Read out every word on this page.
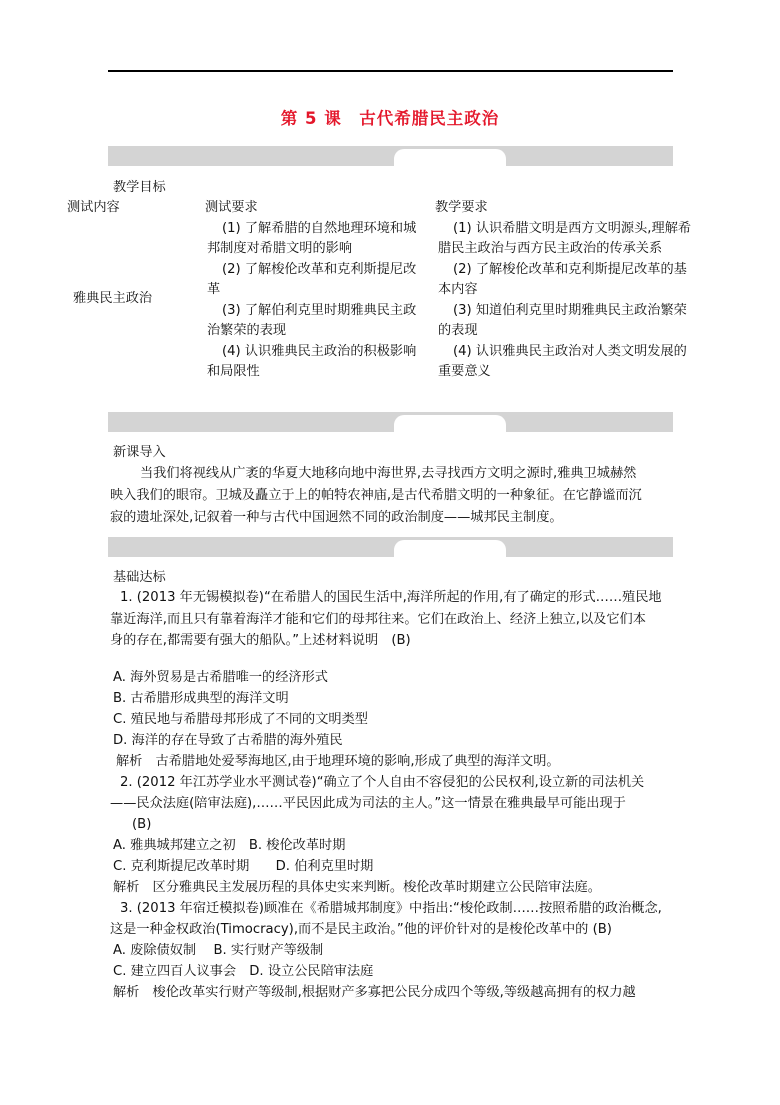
第 5 课　古代希腊民主政治
教学目标
测试内容	测试要求	教学要求
雅典民主政治
(1) 了解希腊的自然地理环境和城
邦制度对希腊文明的影响
(2) 了解梭伦改革和克利斯提尼改
革
(3) 了解伯利克里时期雅典民主政
治繁荣的表现
(4) 认识雅典民主政治的积极影响
和局限性
(1) 认识希腊文明是西方文明源头,理解希
腊民主政治与西方民主政治的传承关系
(2) 了解梭伦改革和克利斯提尼改革的基
本内容
(3) 知道伯利克里时期雅典民主政治繁荣
的表现
(4) 认识雅典民主政治对人类文明发展的
重要意义
新课导入
当我们将视线从广袤的华夏大地移向地中海世界,去寻找西方文明之源时,雅典卫城赫然
映入我们的眼帘。卫城及矗立于上的帕特农神庙,是古代希腊文明的一种象征。在它静谧而沉
寂的遗址深处,记叙着一种与古代中国迥然不同的政治制度——城邦民主制度。
基础达标
1. (2013 年无锡模拟卷)“在希腊人的国民生活中,海洋所起的作用,有了确定的形式……殖民地
靠近海洋,而且只有靠着海洋才能和它们的母邦往来。它们在政治上、经济上独立,以及它们本
身的存在,都需要有强大的船队。”上述材料说明　(B)
A. 海外贸易是古希腊唯一的经济形式
B. 古希腊形成典型的海洋文明
C. 殖民地与希腊母邦形成了不同的文明类型
D. 海洋的存在导致了古希腊的海外殖民
解析　古希腊地处爱琴海地区,由于地理环境的影响,形成了典型的海洋文明。
2. (2012 年江苏学业水平测试卷)“确立了个人自由不容侵犯的公民权利,设立新的司法机关
——民众法庭(陪审法庭),……平民因此成为司法的主人。”这一情景在雅典最早可能出现于
(B)
A. 雅典城邦建立之初　B. 梭伦改革时期
C. 克利斯提尼改革时期　　D. 伯利克里时期
解析　区分雅典民主发展历程的具体史实来判断。梭伦改革时期建立公民陪审法庭。
3. (2013 年宿迁模拟卷)顾准在《希腊城邦制度》中指出:“梭伦政制……按照希腊的政治概念,
这是一种金权政治(Timocracy),而不是民主政治。”他的评价针对的是梭伦改革中的 (B)
A. 废除债奴制　 B. 实行财产等级制
C. 建立四百人议事会　D. 设立公民陪审法庭
解析　梭伦改革实行财产等级制,根据财产多寡把公民分成四个等级,等级越高拥有的权力越
